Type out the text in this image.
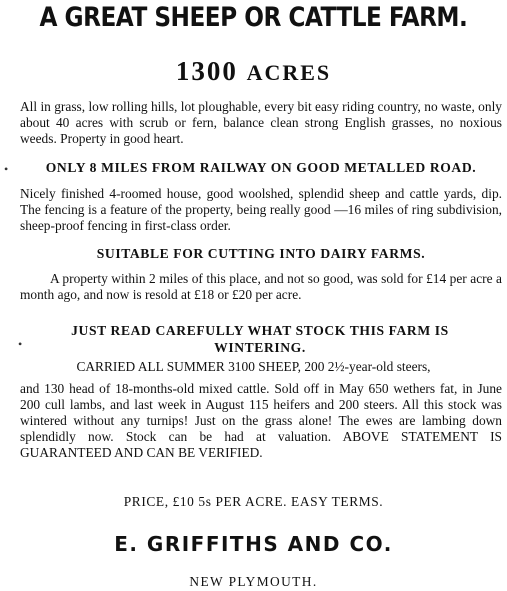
A GREAT SHEEP OR CATTLE FARM.
1300 ACRES
All in grass, low rolling hills, lot ploughable, every bit easy riding country, no waste, only about 40 acres with scrub or fern, balance clean strong English grasses, no noxious weeds. Property in good heart.
•	ONLY 8 MILES FROM RAILWAY ON GOOD METALLED ROAD.
Nicely finished 4-roomed house, good woolshed, splendid sheep and cattle yards, dip. The fencing is a feature of the property, being really good —16 miles of ring subdivision, sheep-proof fencing in first-class order.
SUITABLE FOR CUTTING INTO DAIRY FARMS.
A property within 2 miles of this place, and not so good, was sold for £14 per acre a month ago, and now is resold at £18 or £20 per acre.
•
JUST READ CAREFULLY WHAT STOCK THIS FARM IS WINTERING.
CARRIED ALL SUMMER 3100 SHEEP, 200 2½-year-old steers,
and 130 head of 18-months-old mixed cattle. Sold off in May 650 wethers fat, in June 200 cull lambs, and last week in August 115 heifers and 200 steers. All this stock was wintered without any turnips! Just on the grass alone! The ewes are lambing down splendidly now. Stock can be had at valuation. ABOVE STATEMENT IS GUARANTEED AND CAN BE VERIFIED.
PRICE, £10 5s PER ACRE. EASY TERMS.
E. GRIFFITHS AND CO.
NEW PLYMOUTH.
